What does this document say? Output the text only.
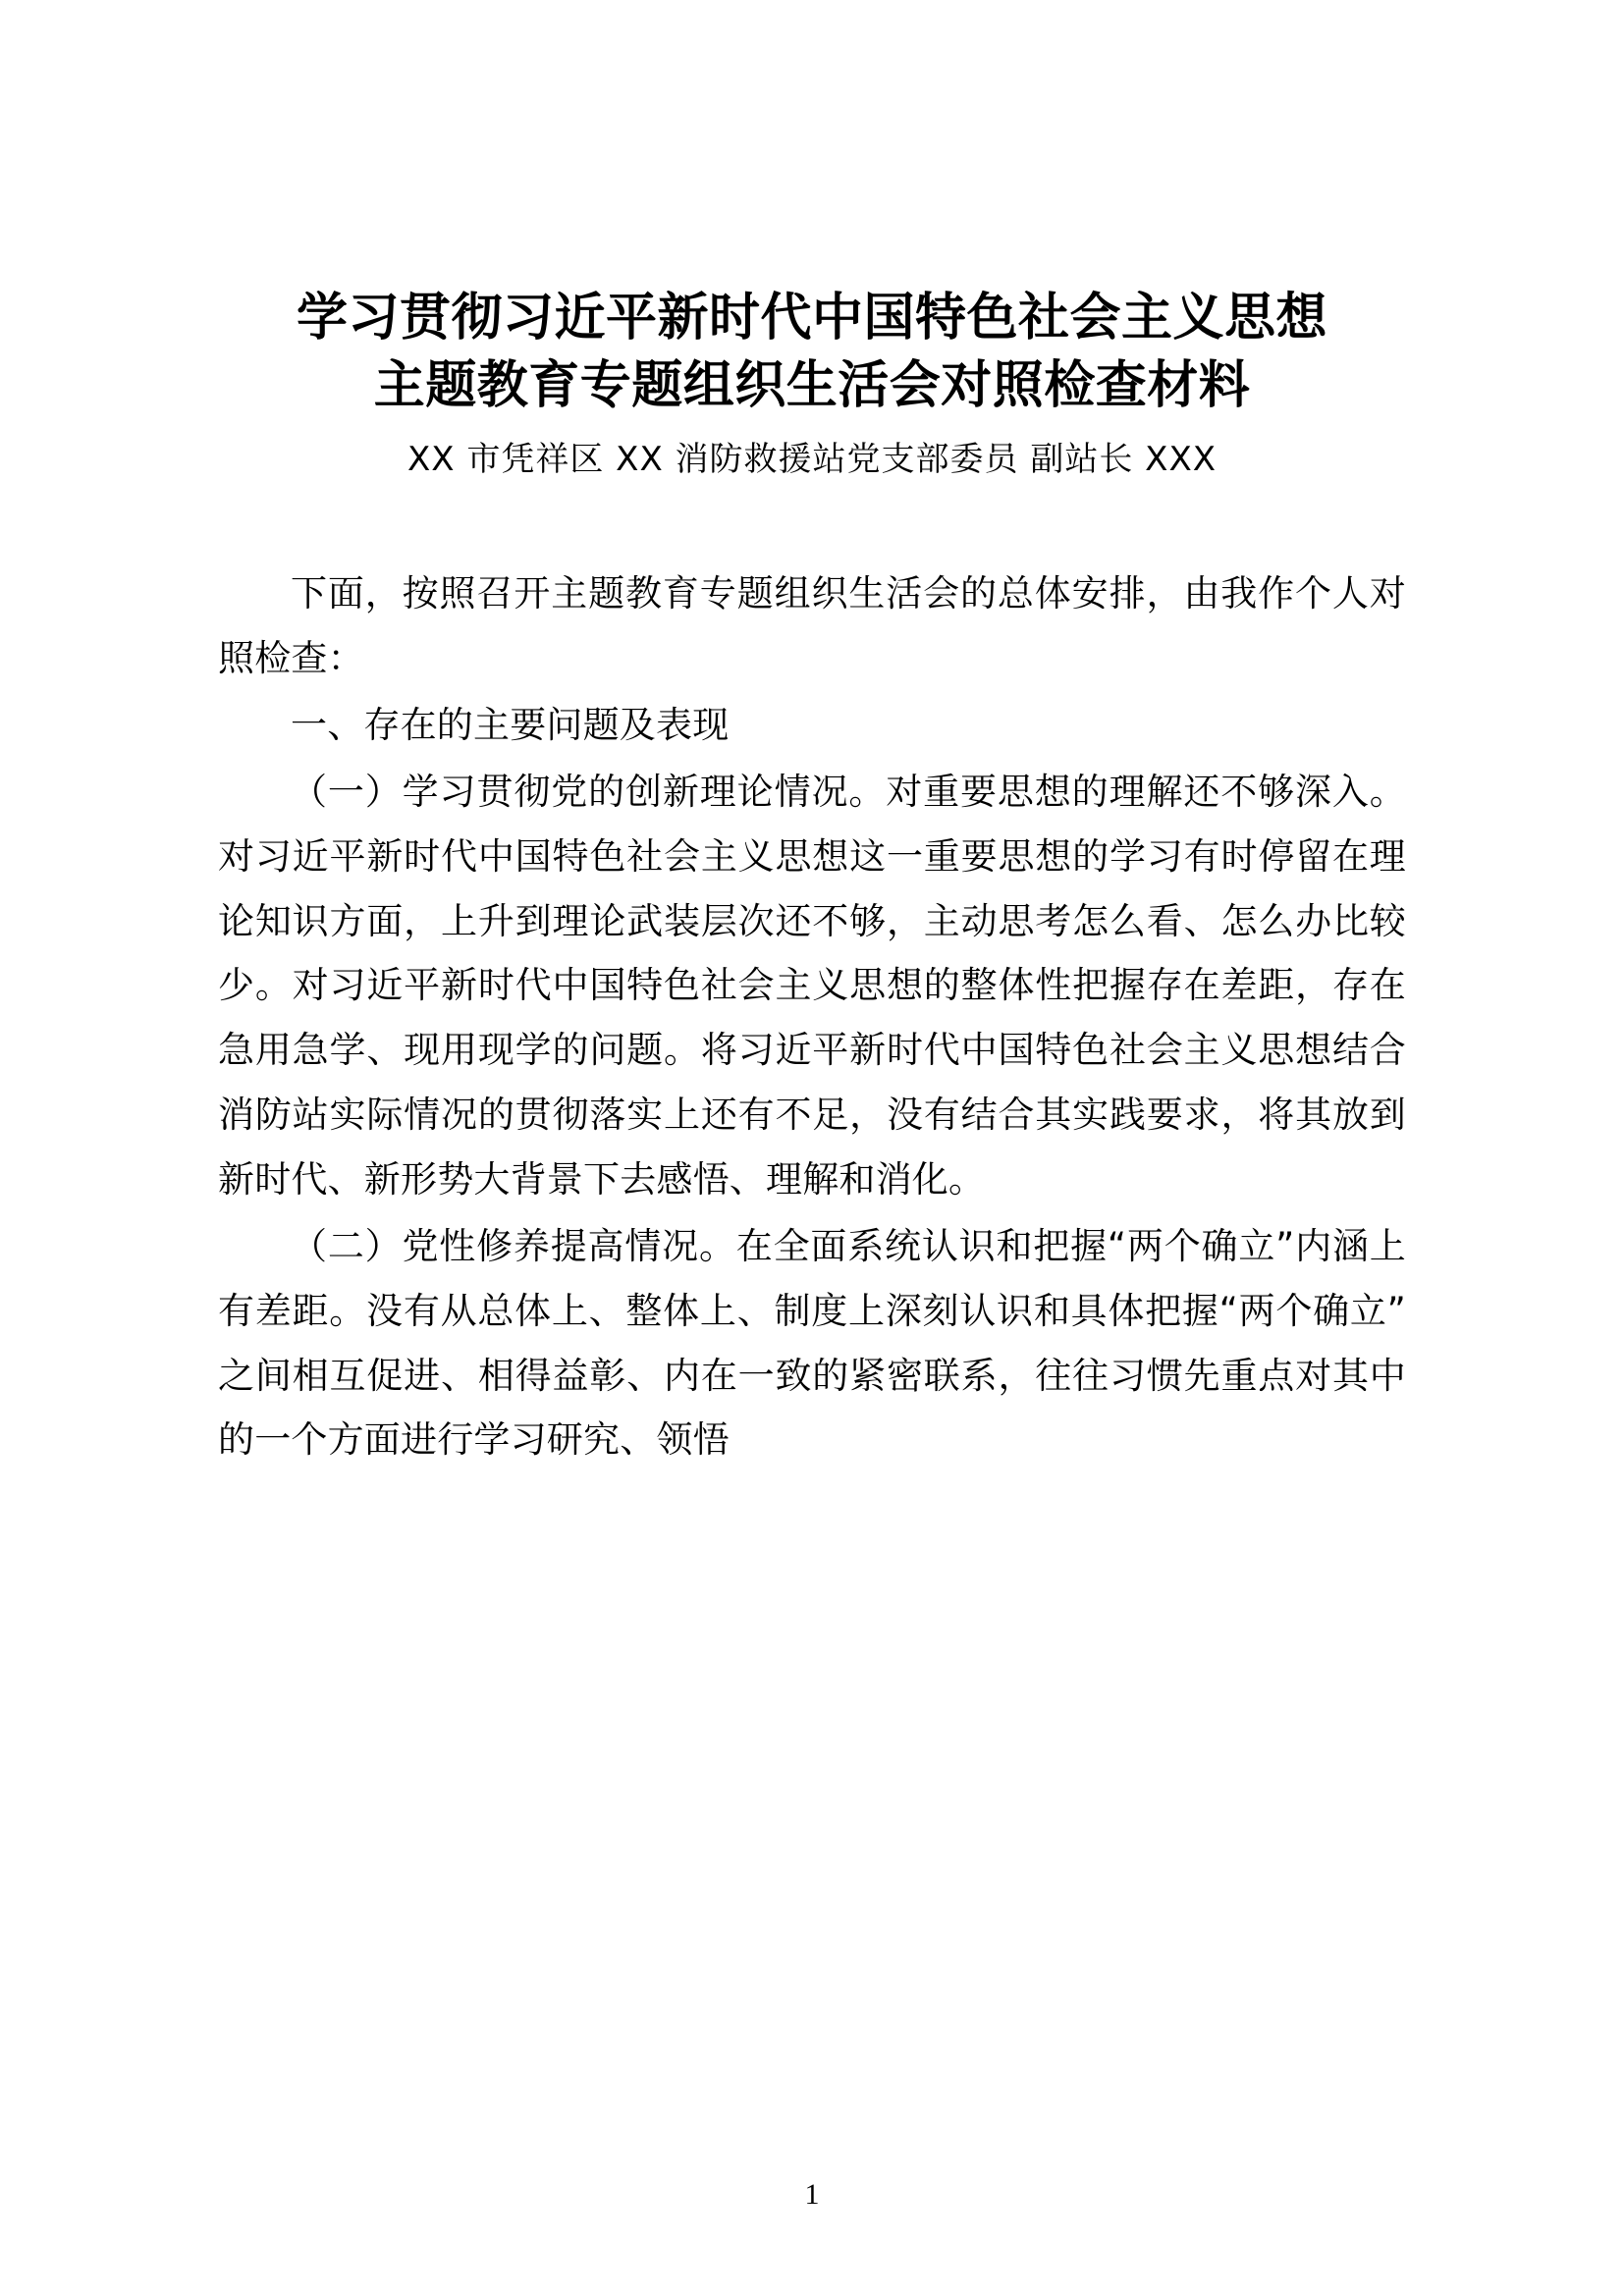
学习贯彻习近平新时代中国特色社会主义思想
主题教育专题组织生活会对照检查材料
XX 市凭祥区 XX 消防救援站党支部委员 副站长 XXX

下面，按照召开主题教育专题组织生活会的总体安排，由我作个人对照检查：

一、存在的主要问题及表现

（一）学习贯彻党的创新理论情况。对重要思想的理解还不够深入。对习近平新时代中国特色社会主义思想这一重要思想的学习有时停留在理论知识方面，上升到理论武装层次还不够，主动思考怎么看、怎么办比较少。对习近平新时代中国特色社会主义思想的整体性把握存在差距，存在急用急学、现用现学的问题。将习近平新时代中国特色社会主义思想结合消防站实际情况的贯彻落实上还有不足，没有结合其实践要求，将其放到新时代、新形势大背景下去感悟、理解和消化。

（二）党性修养提高情况。在全面系统认识和把握“两个确立”内涵上有差距。没有从总体上、整体上、制度上深刻认识和具体把握“两个确立”之间相互促进、相得益彰、内在一致的紧密联系，往往习惯先重点对其中的一个方面进行学习研究、领悟

1
